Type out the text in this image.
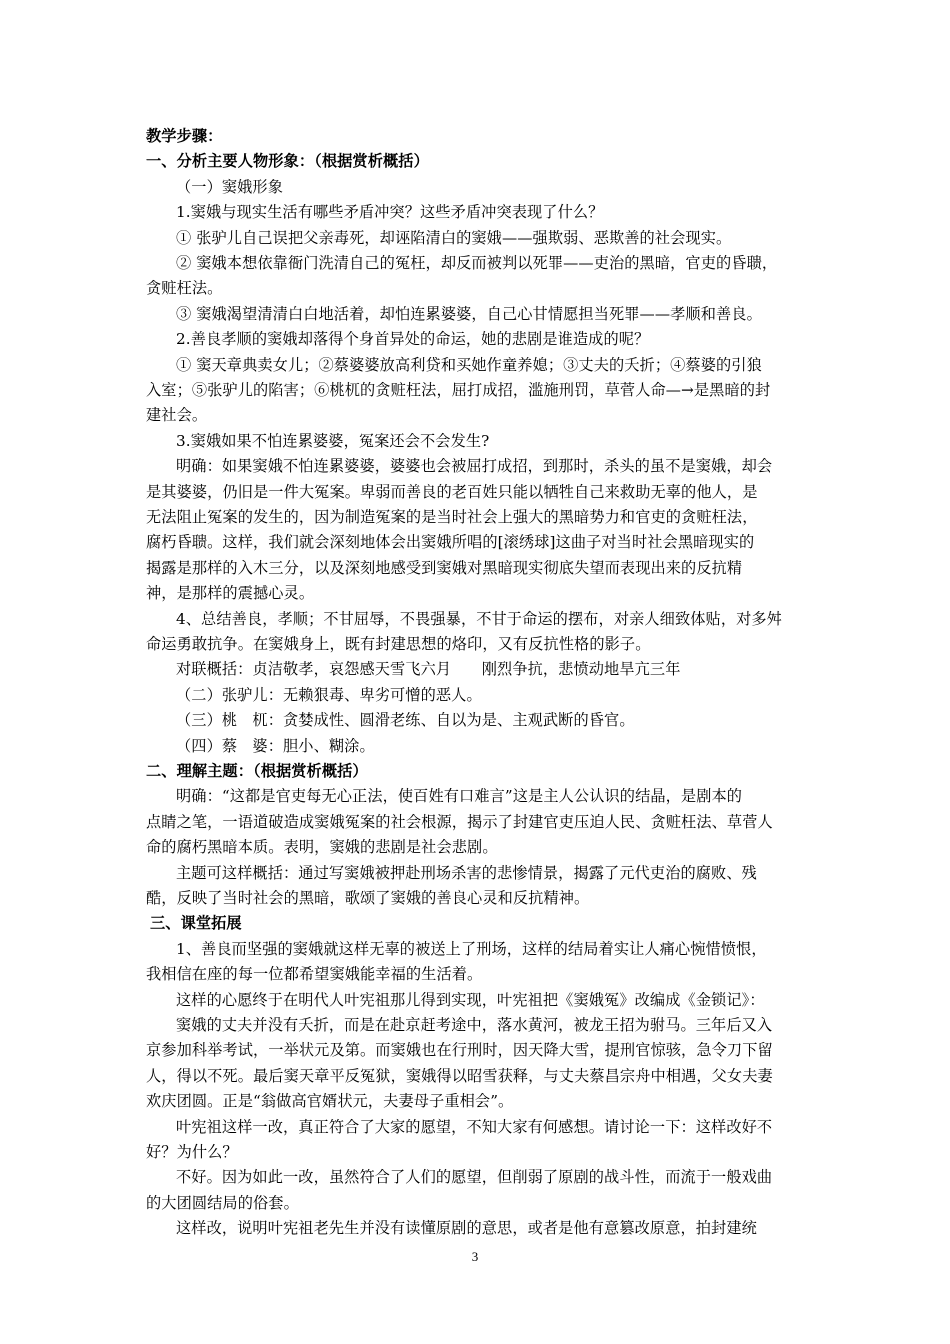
教学步骤：
一、分析主要人物形象：（根据赏析概括）
（一）窦娥形象
1.窦娥与现实生活有哪些矛盾冲突？这些矛盾冲突表现了什么？
① 张驴儿自己误把父亲毒死，却诬陷清白的窦娥——强欺弱、恶欺善的社会现实。
② 窦娥本想依靠衙门洗清自己的冤枉，却反而被判以死罪——吏治的黑暗，官吏的昏聩，
贪赃枉法。
③ 窦娥渴望清清白白地活着，却怕连累婆婆，自己心甘情愿担当死罪——孝顺和善良。
2.善良孝顺的窦娥却落得个身首异处的命运，她的悲剧是谁造成的呢？
① 窦天章典卖女儿；②蔡婆婆放高利贷和买她作童养媳；③丈夫的夭折；④蔡婆的引狼
入室；⑤张驴儿的陷害；⑥桃杌的贪赃枉法，屈打成招，滥施刑罚，草菅人命—→是黑暗的封
建社会。
3.窦娥如果不怕连累婆婆，冤案还会不会发生?
明确：如果窦娥不怕连累婆婆，婆婆也会被屈打成招，到那时，杀头的虽不是窦娥，却会
是其婆婆，仍旧是一件大冤案。卑弱而善良的老百姓只能以牺牲自己来救助无辜的他人，是
无法阻止冤案的发生的，因为制造冤案的是当时社会上强大的黑暗势力和官吏的贪赃枉法，
腐朽昏聩。这样，我们就会深刻地体会出窦娥所唱的[滚绣球]这曲子对当时社会黑暗现实的
揭露是那样的入木三分，以及深刻地感受到窦娥对黑暗现实彻底失望而表现出来的反抗精
神，是那样的震撼心灵。
4、总结善良，孝顺；不甘屈辱，不畏强暴，不甘于命运的摆布，对亲人细致体贴，对多舛
命运勇敢抗争。在窦娥身上，既有封建思想的烙印，又有反抗性格的影子。
对联概括：贞洁敬孝，哀怨感天雪飞六月　　刚烈争抗，悲愤动地旱亢三年
（二）张驴儿：无赖狠毒、卑劣可憎的恶人。
（三）桃　杌：贪婪成性、圆滑老练、自以为是、主观武断的昏官。
（四）蔡　婆：胆小、糊涂。
二、理解主题：（根据赏析概括）
明确：“这都是官吏每无心正法，使百姓有口难言”这是主人公认识的结晶，是剧本的
点睛之笔，一语道破造成窦娥冤案的社会根源，揭示了封建官吏压迫人民、贪赃枉法、草菅人
命的腐朽黑暗本质。表明，窦娥的悲剧是社会悲剧。
主题可这样概括：通过写窦娥被押赴刑场杀害的悲惨情景，揭露了元代吏治的腐败、残
酷，反映了当时社会的黑暗，歌颂了窦娥的善良心灵和反抗精神。
三、课堂拓展
1、善良而坚强的窦娥就这样无辜的被送上了刑场，这样的结局着实让人痛心惋惜愤恨，
我相信在座的每一位都希望窦娥能幸福的生活着。
这样的心愿终于在明代人叶宪祖那儿得到实现，叶宪祖把《窦娥冤》改编成《金锁记》：
窦娥的丈夫并没有夭折，而是在赴京赶考途中，落水黄河，被龙王招为驸马。三年后又入
京参加科举考试，一举状元及第。而窦娥也在行刑时，因天降大雪，提刑官惊骇，急令刀下留
人，得以不死。最后窦天章平反冤狱，窦娥得以昭雪获释，与丈夫蔡昌宗舟中相遇，父女夫妻
欢庆团圆。正是“翁做高官婿状元，夫妻母子重相会”。
叶宪祖这样一改，真正符合了大家的愿望，不知大家有何感想。请讨论一下：这样改好不
好？为什么？
不好。因为如此一改，虽然符合了人们的愿望，但削弱了原剧的战斗性，而流于一般戏曲
的大团圆结局的俗套。
这样改，说明叶宪祖老先生并没有读懂原剧的意思，或者是他有意篡改原意，拍封建统
3
